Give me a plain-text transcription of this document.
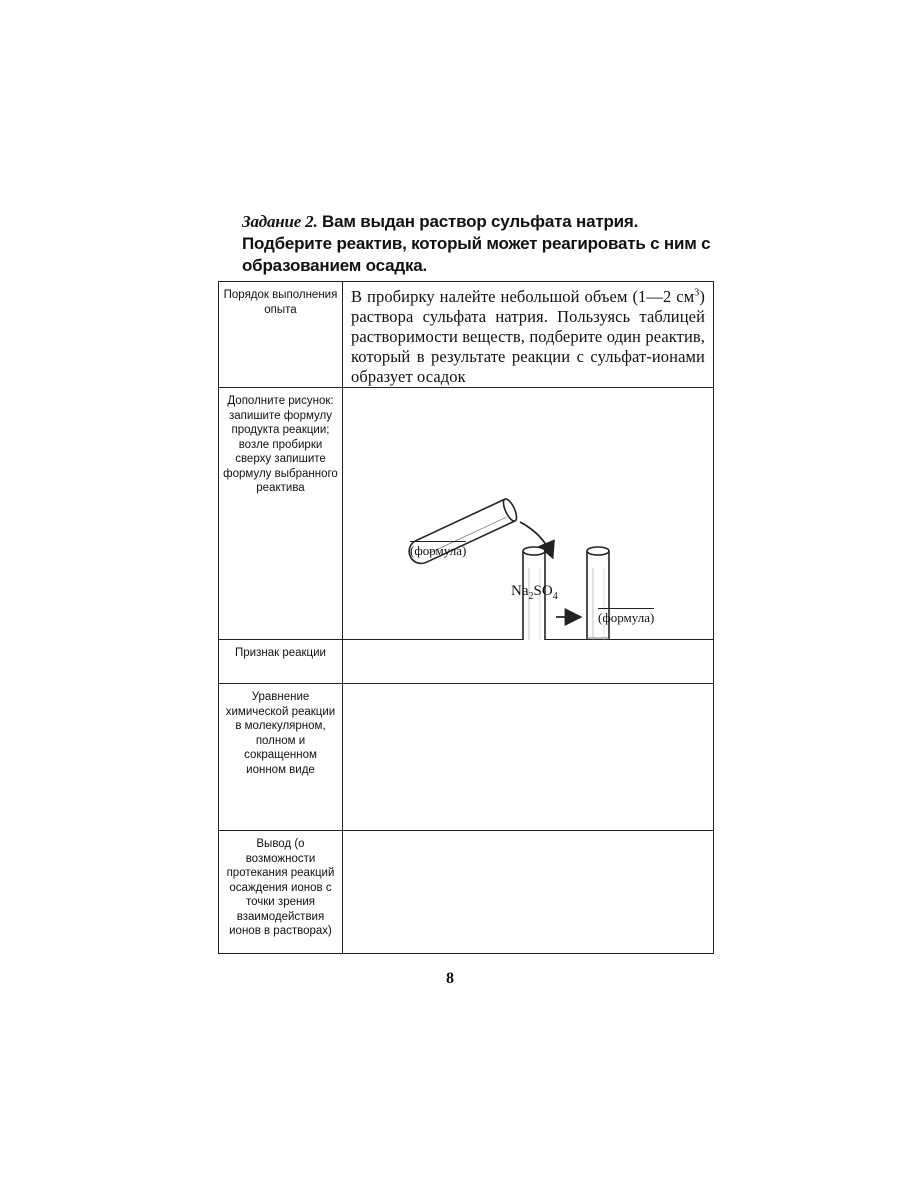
Задание 2. Вам выдан раствор сульфата натрия. Подберите реактив, который может реагировать с ним с образованием осадка.
Порядок выполнения опыта	В пробирку налейте небольшой объем (1—2 $см^3$) раствора сульфата натрия. Пользуясь таблицей растворимости веществ, подберите один реактив, который в результате реакции с сульфат-ионами образует осадок

Дополните рисунок: запишите формулу продукта реакции; возле пробирки сверху запишите формулу выбранного реактива	(формула)
$Na_2SO_4$
(формула)

Признак реакции	
Уравнение химической реакции в молекулярном, полном и сокращенном ионном виде	
Вывод (о возможности протекания реакций осаждения ионов с точки зрения взаимодействия ионов в растворах)	
8
